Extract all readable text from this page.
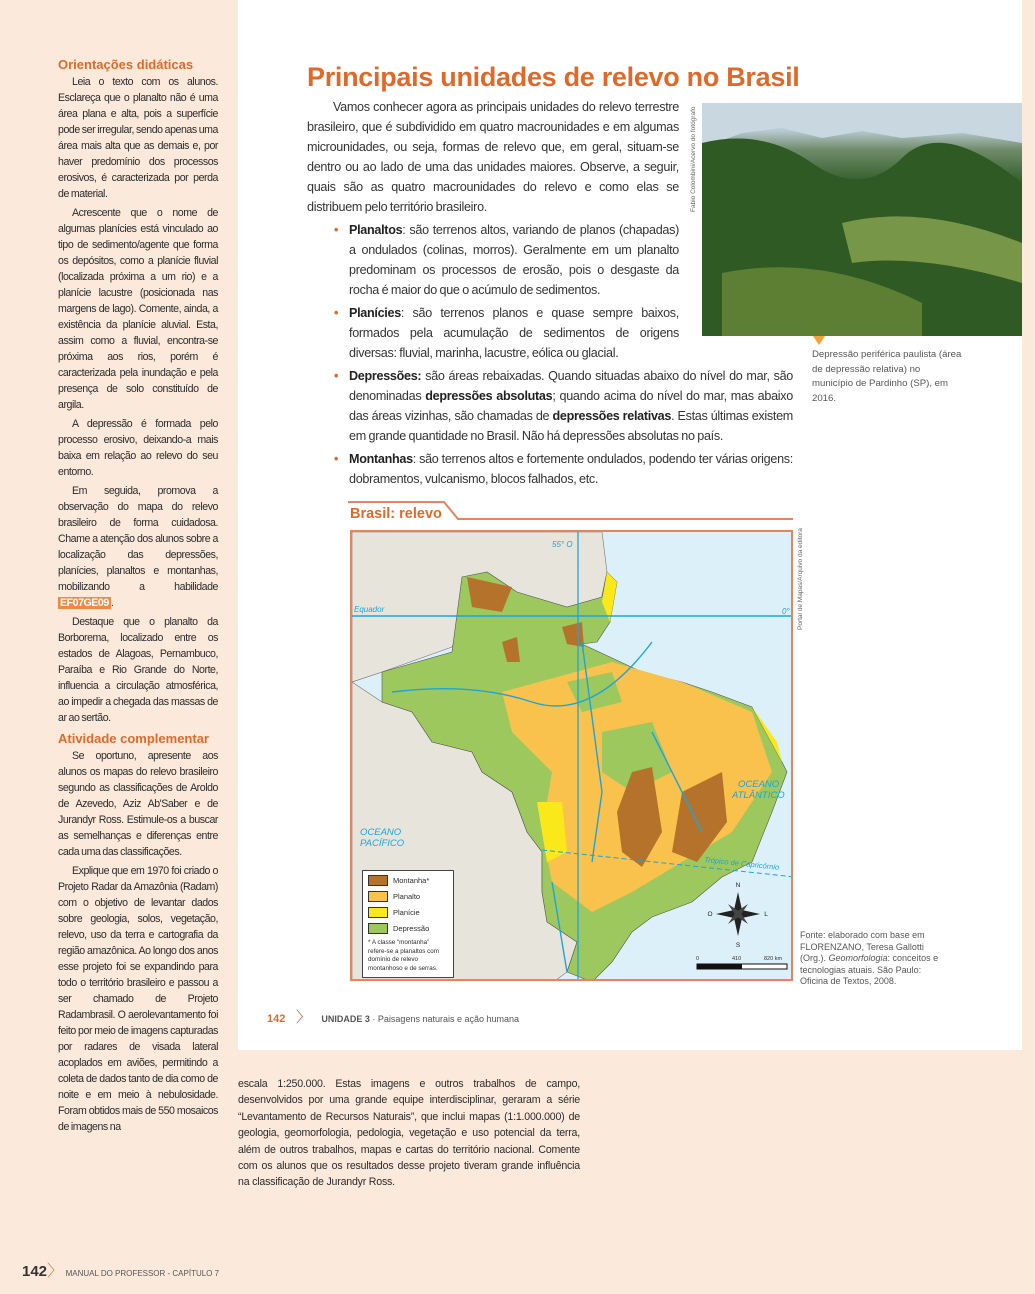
Orientações didáticas

Leia o texto com os alunos. Esclareça que o planalto não é uma área plana e alta, pois a superfície pode ser irregular, sendo apenas uma área mais alta que as demais e, por haver predomínio dos processos erosivos, é caracterizada por perda de material.

Acrescente que o nome de algumas planícies está vinculado ao tipo de sedimento/agente que forma os depósitos, como a planície fluvial (localizada próxima a um rio) e a planície lacustre (posicionada nas margens de lago). Comente, ainda, a existência da planície aluvial. Esta, assim como a fluvial, encontra-se próxima aos rios, porém é caracterizada pela inundação e pela presença de solo constituído de argila.

A depressão é formada pelo processo erosivo, deixando-a mais baixa em relação ao relevo do seu entorno.

Em seguida, promova a observação do mapa do relevo brasileiro de forma cuidadosa. Chame a atenção dos alunos sobre a localização das depressões, planícies, planaltos e montanhas, mobilizando a habilidade EF07GE09 .

Destaque que o planalto da Borborema, localizado entre os estados de Alagoas, Pernambuco, Paraíba e Rio Grande do Norte, influencia a circulação atmosférica, ao impedir a chegada das massas de ar ao sertão.

Atividade complementar

Se oportuno, apresente aos alunos os mapas do relevo brasileiro segundo as classificações de Aroldo de Azevedo, Aziz Ab'Saber e de Jurandyr Ross. Estimule-os a buscar as semelhanças e diferenças entre cada uma das classificações.

Explique que em 1970 foi criado o Projeto Radar da Amazônia (Radam) com o objetivo de levantar dados sobre geologia, solos, vegetação, relevo, uso da terra e cartografia da região amazônica. Ao longo dos anos esse projeto foi se expandindo para todo o território brasileiro e passou a ser chamado de Projeto Radambrasil. O aerolevantamento foi feito por meio de imagens capturadas por radares de visada lateral acoplados em aviões, permitindo a coleta de dados tanto de dia como de noite e em meio à nebulosidade. Foram obtidos mais de 550 mosaicos de imagens na

Principais unidades de relevo no Brasil

Vamos conhecer agora as principais unidades do relevo terrestre brasileiro, que é subdividido em quatro macrounidades e em algumas microunidades, ou seja, formas de relevo que, em geral, situam-se dentro ou ao lado de uma das unidades maiores. Observe, a seguir, quais são as quatro macrounidades do relevo e como elas se distribuem pelo território brasileiro.

• Planaltos: são terrenos altos, variando de planos (chapadas) a ondulados (colinas, morros). Geralmente em um planalto predominam os processos de erosão, pois o desgaste da rocha é maior do que o acúmulo de sedimentos.
• Planícies: são terrenos planos e quase sempre baixos, formados pela acumulação de sedimentos de origens diversas: fluvial, marinha, lacustre, eólica ou glacial.
• Depressões: são áreas rebaixadas. Quando situadas abaixo do nível do mar, são denominadas depressões absolutas; quando acima do nível do mar, mas abaixo das áreas vizinhas, são chamadas de depressões relativas. Estas últimas existem em grande quantidade no Brasil. Não há depressões absolutas no país.
• Montanhas: são terrenos altos e fortemente ondulados, podendo ter várias origens: dobramentos, vulcanismo, blocos falhados, etc.
Fabio Colombini/Acervo do fotógrafo
Depressão periférica paulista (área de depressão relativa) no município de Pardinho (SP), em 2016.
Brasil: relevo
Portal de Mapas/Arquivo da editora
55° O
Equador	0°
Trópico de Capricórnio
OCEANO
ATLÂNTICO
OCEANO
PACÍFICO
N
S
O	L
0	410	820 km
Montanha*
Planalto
Planície
Depressão
* A classe “montanha” refere-se a planaltos com domínio de relevo montanhoso e de serras.
Fonte: elaborado com base em FLORENZANO, Teresa Gallotti (Org.). Geomorfologia: conceitos e tecnologias atuais. São Paulo: Oficina de Textos, 2008.
142 〉 UNIDADE 3 · Paisagens naturais e ação humana
escala 1:250.000. Estas imagens e outros trabalhos de campo, desenvolvidos por uma grande equipe interdisciplinar, geraram a série “Levantamento de Recursos Naturais”, que inclui mapas (1:1.000.000) de geologia, geomorfologia, pedologia, vegetação e uso potencial da terra, além de outros trabalhos, mapas e cartas do território nacional. Comente com os alunos que os resultados desse projeto tiveram grande influência na classificação de Jurandyr Ross.
142〉 MANUAL DO PROFESSOR - CAPÍTULO 7
